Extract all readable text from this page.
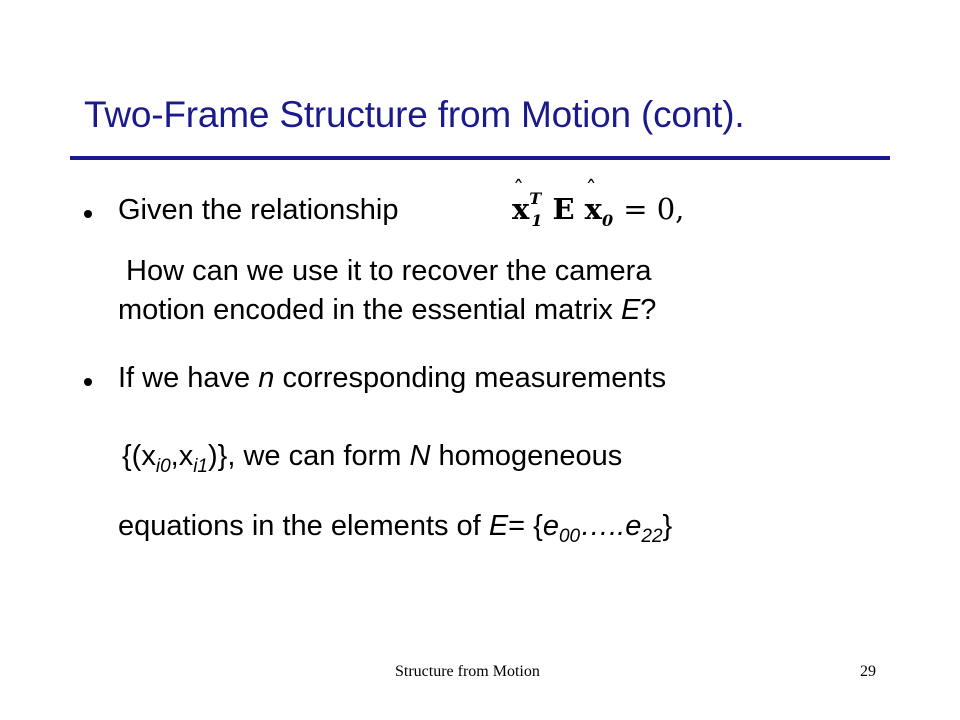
Two-Frame Structure from Motion (cont).
Given the relationship	ˆ $x^T_1$ E ˆ $x_0 = 0$,
How can we use it to recover the camera
motion encoded in the essential matrix E?
If we have n corresponding measurements
$\{(x_{i0},x_{i1})\}$, we can form N homogeneous
equations in the elements of $E= \{e_{00}\dots..e_{22}\}$
Structure from Motion	29
